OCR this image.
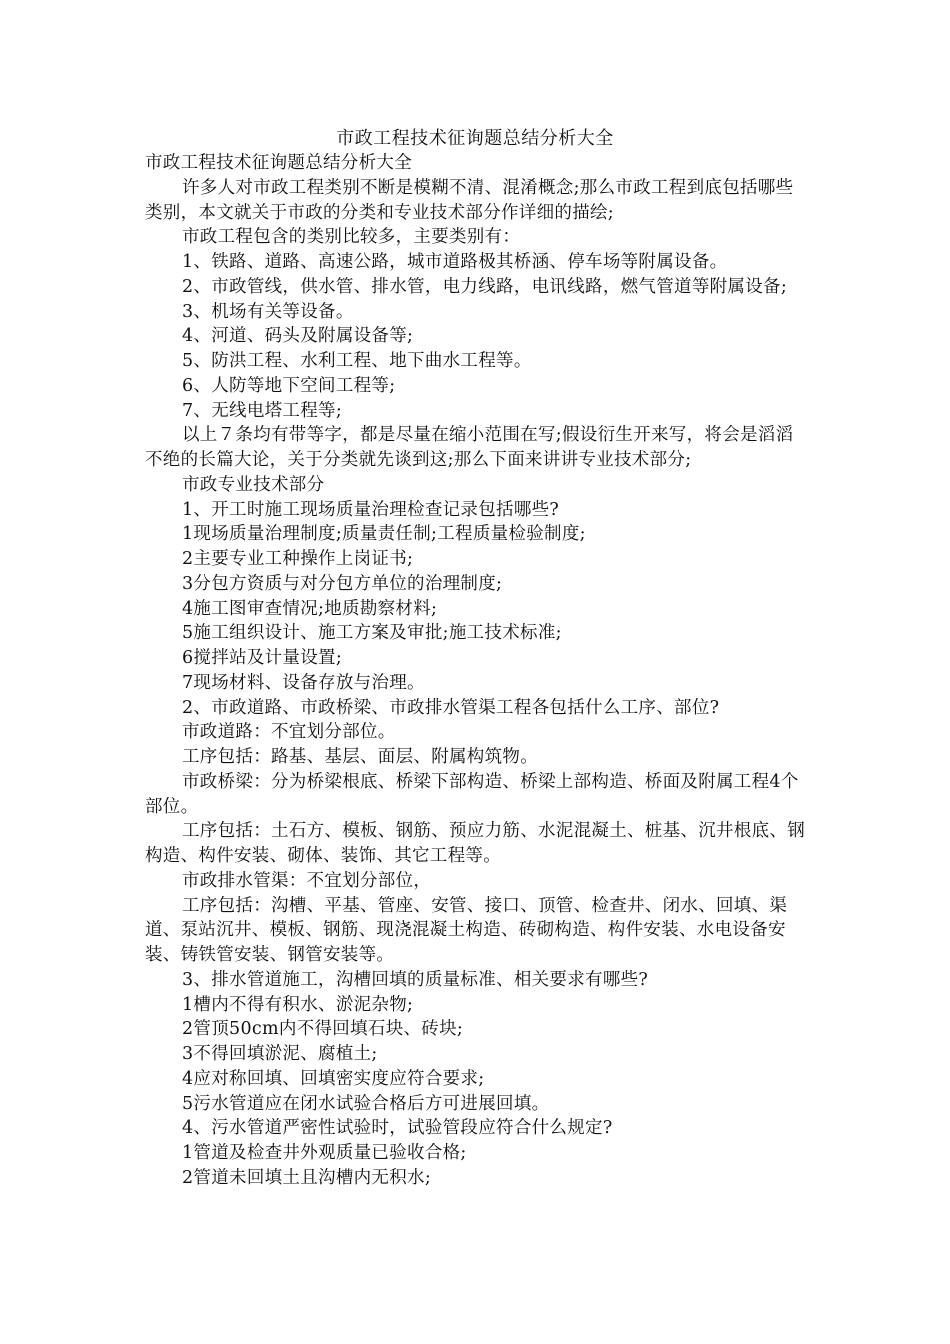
市政工程技术征询题总结分析大全

市政工程技术征询题总结分析大全

许多人对市政工程类别不断是模糊不清、混淆概念;那么市政工程到底包括哪些类别，本文就关于市政的分类和专业技术部分作详细的描绘;

市政工程包含的类别比较多，主要类别有：

1、铁路、道路、高速公路，城市道路极其桥涵、停车场等附属设备。

2、市政管线，供水管、排水管，电力线路，电讯线路，燃气管道等附属设备;

3、机场有关等设备。

4、河道、码头及附属设备等;

5、防洪工程、水利工程、地下曲水工程等。

6、人防等地下空间工程等;

7、无线电塔工程等;

以上７条均有带等字，都是尽量在缩小范围在写;假设衍生开来写，将会是滔滔不绝的长篇大论，关于分类就先谈到这;那么下面来讲讲专业技术部分;

市政专业技术部分

1、开工时施工现场质量治理检查记录包括哪些?

1现场质量治理制度;质量责任制;工程质量检验制度;

2主要专业工种操作上岗证书;

3分包方资质与对分包方单位的治理制度;

4施工图审查情况;地质勘察材料;

5施工组织设计、施工方案及审批;施工技术标准;

6搅拌站及计量设置;

7现场材料、设备存放与治理。

2、市政道路、市政桥梁、市政排水管渠工程各包括什么工序、部位?

市政道路：不宜划分部位。

工序包括：路基、基层、面层、附属构筑物。

市政桥梁：分为桥梁根底、桥梁下部构造、桥梁上部构造、桥面及附属工程4个部位。

工序包括：土石方、模板、钢筋、预应力筋、水泥混凝土、桩基、沉井根底、钢构造、构件安装、砌体、装饰、其它工程等。

市政排水管渠：不宜划分部位，

工序包括：沟槽、平基、管座、安管、接口、顶管、检查井、闭水、回填、渠道、泵站沉井、模板、钢筋、现浇混凝土构造、砖砌构造、构件安装、水电设备安装、铸铁管安装、钢管安装等。

3、排水管道施工，沟槽回填的质量标准、相关要求有哪些?

1槽内不得有积水、淤泥杂物;

2管顶50cm内不得回填石块、砖块;

3不得回填淤泥、腐植土;

4应对称回填、回填密实度应符合要求;

5污水管道应在闭水试验合格后方可进展回填。

4、污水管道严密性试验时，试验管段应符合什么规定?

1管道及检查井外观质量已验收合格;

2管道未回填土且沟槽内无积水;
